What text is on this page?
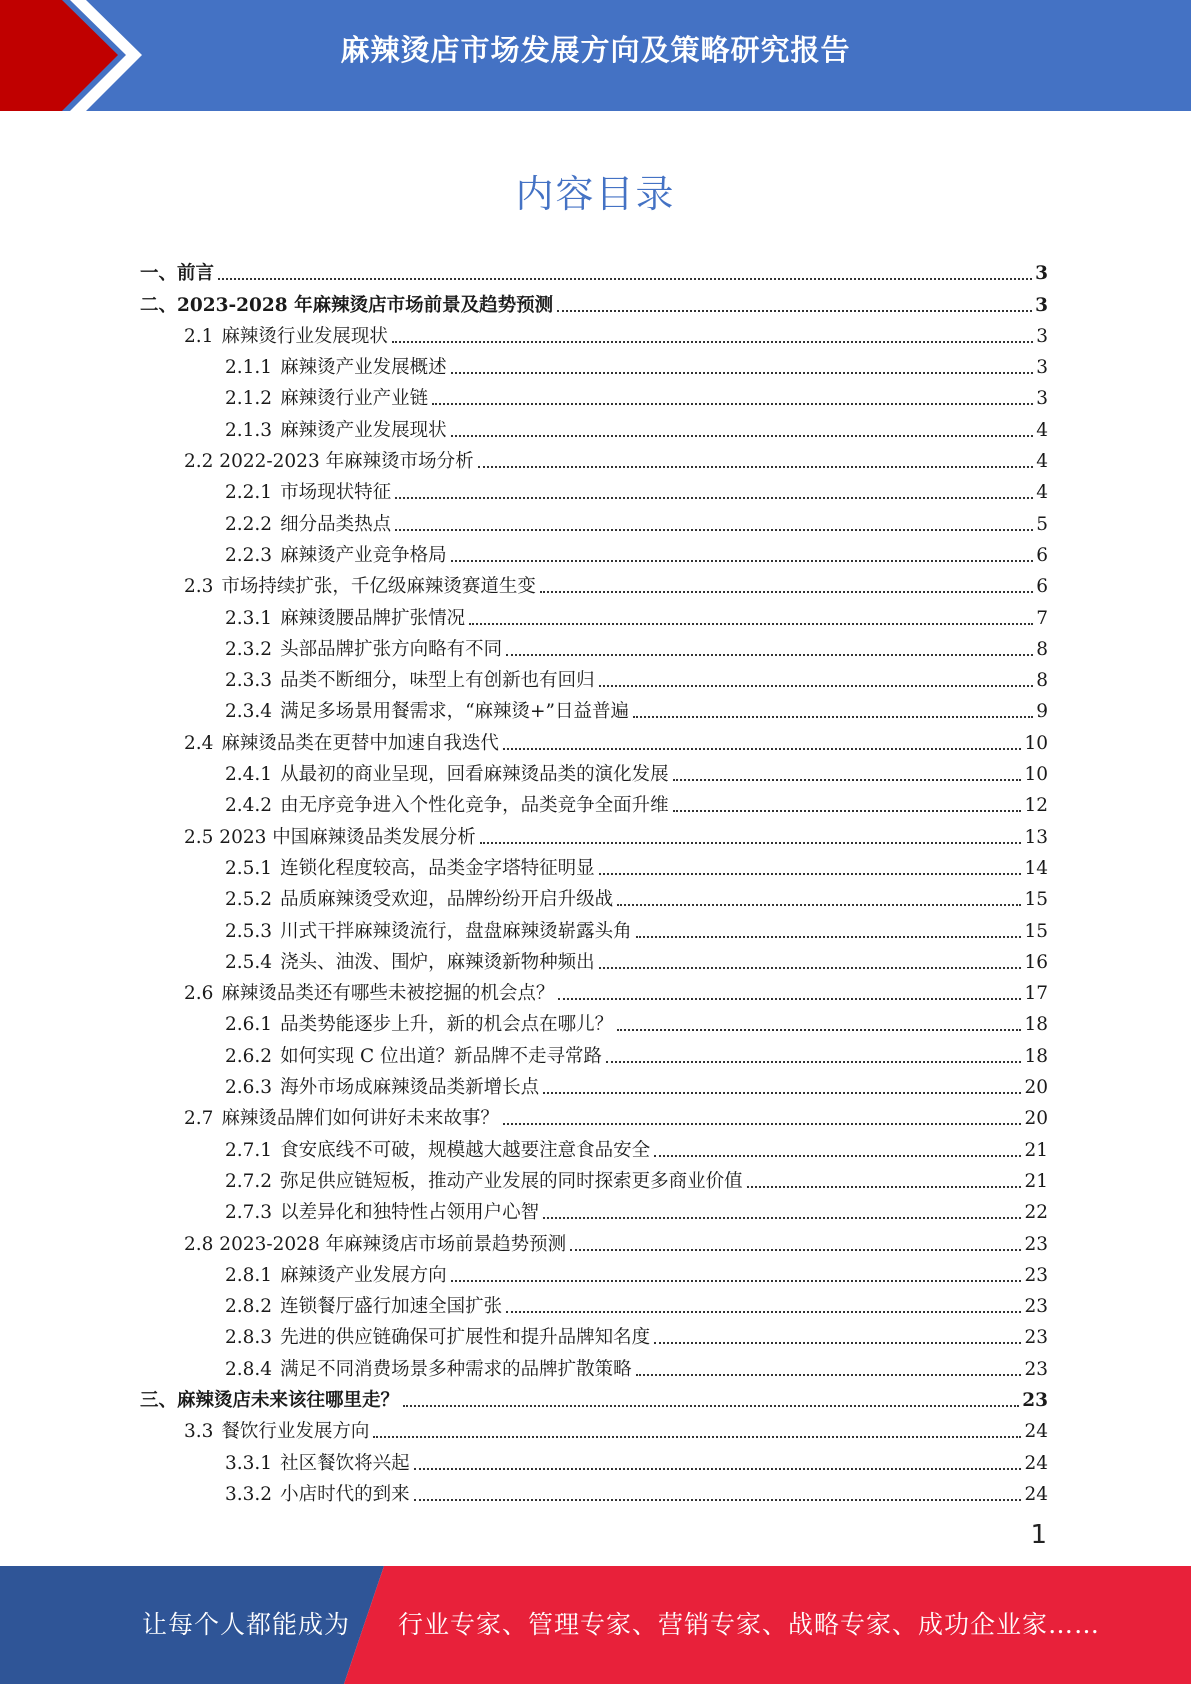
麻辣烫店市场发展方向及策略研究报告
内容目录
一、 前言	3
二、 2023-2028 年麻辣烫店市场前景及趋势预测	3
2.1 麻辣烫行业发展现状	3
2.1.1 麻辣烫产业发展概述	3
2.1.2 麻辣烫行业产业链	3
2.1.3 麻辣烫产业发展现状	4
2.2 2022-2023 年麻辣烫市场分析	4
2.2.1 市场现状特征	4
2.2.2 细分品类热点	5
2.2.3 麻辣烫产业竞争格局	6
2.3 市场持续扩张，千亿级麻辣烫赛道生变	6
2.3.1 麻辣烫腰品牌扩张情况	7
2.3.2 头部品牌扩张方向略有不同	8
2.3.3 品类不断细分，味型上有创新也有回归	8
2.3.4 满足多场景用餐需求，“麻辣烫+”日益普遍	9
2.4 麻辣烫品类在更替中加速自我迭代	10
2.4.1 从最初的商业呈现，回看麻辣烫品类的演化发展	10
2.4.2 由无序竞争进入个性化竞争，品类竞争全面升维	12
2.5 2023 中国麻辣烫品类发展分析	13
2.5.1 连锁化程度较高，品类金字塔特征明显	14
2.5.2 品质麻辣烫受欢迎，品牌纷纷开启升级战	15
2.5.3 川式干拌麻辣烫流行，盘盘麻辣烫崭露头角	15
2.5.4 浇头、油泼、围炉，麻辣烫新物种频出	16
2.6 麻辣烫品类还有哪些未被挖掘的机会点？	17
2.6.1 品类势能逐步上升，新的机会点在哪儿？	18
2.6.2 如何实现 C 位出道？新品牌不走寻常路	18
2.6.3 海外市场成麻辣烫品类新增长点	20
2.7 麻辣烫品牌们如何讲好未来故事？	20
2.7.1 食安底线不可破，规模越大越要注意食品安全	21
2.7.2 弥足供应链短板，推动产业发展的同时探索更多商业价值	21
2.7.3 以差异化和独特性占领用户心智	22
2.8 2023-2028 年麻辣烫店市场前景趋势预测	23
2.8.1 麻辣烫产业发展方向	23
2.8.2 连锁餐厅盛行加速全国扩张	23
2.8.3 先进的供应链确保可扩展性和提升品牌知名度	23
2.8.4 满足不同消费场景多种需求的品牌扩散策略	23
三、 麻辣烫店未来该往哪里走？	23
3.3 餐饮行业发展方向	24
3.3.1 社区餐饮将兴起	24
3.3.2 小店时代的到来	24
1
让每个人都能成为 行业专家、管理专家、营销专家、战略专家、成功企业家……
